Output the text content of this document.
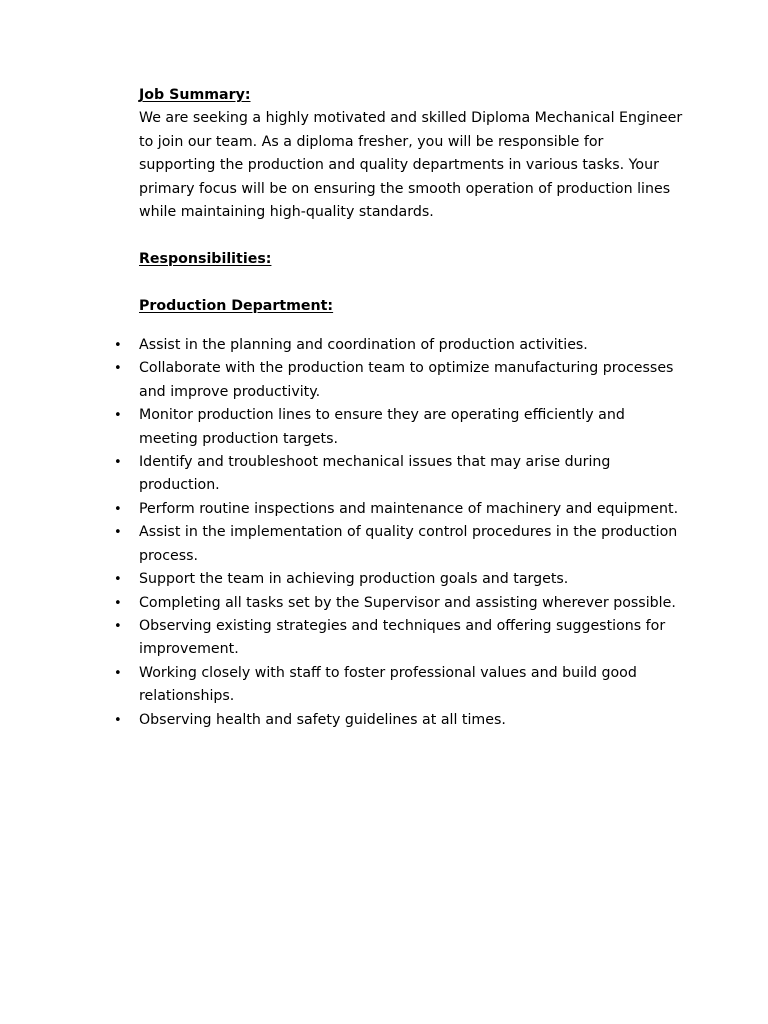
Job Summary:

We are seeking a highly motivated and skilled Diploma Mechanical Engineer to join our team. As a diploma fresher, you will be responsible for supporting the production and quality departments in various tasks. Your primary focus will be on ensuring the smooth operation of production lines while maintaining high-quality standards.

Responsibilities:

Production Department:

• Assist in the planning and coordination of production activities.
• Collaborate with the production team to optimize manufacturing processes and improve productivity.
• Monitor production lines to ensure they are operating efficiently and meeting production targets.
• Identify and troubleshoot mechanical issues that may arise during production.
• Perform routine inspections and maintenance of machinery and equipment.
• Assist in the implementation of quality control procedures in the production process.
• Support the team in achieving production goals and targets.
• Completing all tasks set by the Supervisor and assisting wherever possible.
• Observing existing strategies and techniques and offering suggestions for improvement.
• Working closely with staff to foster professional values and build good relationships.
• Observing health and safety guidelines at all times.
